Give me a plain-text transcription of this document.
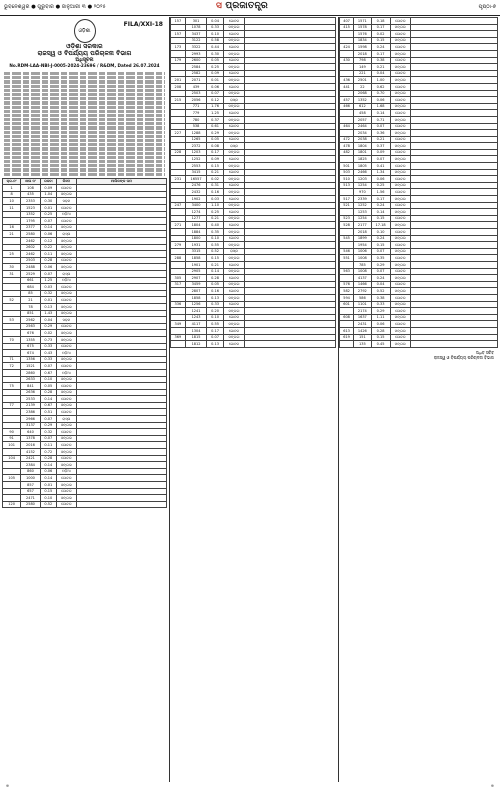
ଭୁବନେଶ୍ୱର ● ଗୁରୁବାର ● ଜାନୁଆରୀ ୩ ● ୨୦୨୫	ସ ପ୍ରଜାତନ୍ତ୍ର	ପୃଷ୍ଠା-୭
FILA/XXI-18
ଓଡ଼ିଶା
ଓଡ଼ିଶା ସରକାର
ରାଜସ୍ୱ ଓ ବିପର୍ଯ୍ୟୟ ପରିଚାଳନା ବିଭାଗ
ଅଧିସୂଚନା
No.RDM-LAA-NBI-J-0005-2024-23696 / R&DM, Dated 26.07.2024
କ୍ର.ନଂ	ଖାତା ନଂ	ରକବା	କିସମ	ମାଲିକଙ୍କ ନାମ
1	108	0.09	ଗୋଚର	
8	435	1.04	ଜଙ୍ଗଲ	
10	2353	0.30	ସଡ଼କ	
11	1523	0.01	ଗୋଚର	
	1352	0.25	ପଡ଼ିଆ	
	1795	0.07	ଗୋଚର	
16	2377	0.14	ଜଙ୍ଗଲ	
21	2580	0.06	ରାସ୍ତା	
	2462	0.12	ଜଙ୍ଗଲ	
	2602	0.22	ଜଙ୍ଗଲ	
25	2462	0.11	ଜଙ୍ଗଲ	
	2503	0.28	ଗୋଚର	
30	2488	0.06	ଜଙ୍ଗଲ	
31	2529	0.07	ରାସ୍ତା	
	661	1.25	ପଡ଼ିଆ	
	684	0.03	ଗୋଚର	
	85	0.32	ଜଙ୍ଗଲ	
52	21	0.01	ଗୋଚର	
	78	0.13	ଜଙ୍ଗଲ	
	851	1.43	ଜଙ୍ଗଲ	
53	2562	0.04	ସଡ଼କ	
	2563	0.29	ଗୋଚର	
	676	0.02	ଜଙ୍ଗଲ	
70	1355	0.73	ଜଙ୍ଗଲ	
	675	0.33	ଗୋଚର	
	674	0.43	ପଡ଼ିଆ	
71	1356	0.33	ଜଙ୍ଗଲ	
72	1521	0.07	ଗୋଚର	
	2860	0.67	ପଡ଼ିଆ	
	2633	0.10	ଜଙ୍ଗଲ	
75	841	0.05	ଗୋଚର	
	2636	0.28	ଜଙ୍ଗଲ	
	2533	0.14	ଗୋଚର	
77	2139	0.67	ଜଙ୍ଗଲ	
	2386	0.51	ଗୋଚର	
	2966	0.07	ରାସ୍ତା	
	3137	0.29	ଜଙ୍ଗଲ	
90	640	0.32	ଗୋଚର	
91	1378	0.07	ଜଙ୍ଗଲ	
101	2016	0.11	ଗୋଚର	
	4152	0.72	ଜଙ୍ଗଲ	
104	2421	0.28	ଗୋଚର	
	2384	0.14	ଜଙ୍ଗଲ	
	860	0.06	ପଡ଼ିଆ	
105	1000	0.14	ଗୋଚର	
	857	0.01	ଜଙ୍ଗଲ	
	657	0.15	ଗୋଚର	
	2471	0.10	ଜଙ୍ଗଲ	
120	2580	0.52	ଗୋଚର	
157	301	0.04	ଗୋଚର	
	1078	0.33	ଜଙ୍ଗଲ	
157	3437	0.10	ଗୋଚର	
	3122	0.58	ଜଙ୍ଗଲ	
173	3322	0.44	ଗୋଚର	
	2993	0.30	ଜଙ୍ଗଲ	
179	2600	0.05	ଗୋଚର	
	2584	0.25	ଜଙ୍ଗଲ	
	2582	0.09	ଗୋଚର	
201	2071	0.01	ଜଙ୍ଗଲ	
208	439	0.06	ଗୋଚର	
	2503	0.07	ଜଙ୍ଗଲ	
215	2056	0.12	ରାସ୍ତା	
	771	1.76	ଜଙ୍ଗଲ	
	779	1.25	ଗୋଚର	
	780	0.37	ଜଙ୍ଗଲ	
	538	0.61	ଗୋଚର	
227	1288	0.29	ଜଙ୍ଗଲ	
	1265	0.05	ଗୋଚର	
	2372	0.08	ରାସ୍ତା	
228	1203	0.17	ଜଙ୍ଗଲ	
	1252	0.09	ଗୋଚର	
	2553	0.15	ଜଙ୍ଗଲ	
	3415	0.21	ଗୋଚର	
231	16557	0.02	ଜଙ୍ଗଲ	
	2476	0.31	ଗୋଚର	
	2432	0.16	ଜଙ୍ଗଲ	
	1902	0.03	ଗୋଚର	
247	3400	1.10	ଜଙ୍ଗଲ	
	1274	0.25	ଗୋଚର	
	1277	0.21	ଜଙ୍ଗଲ	
271	1804	0.40	ଗୋଚର	
	1884	0.35	ଜଙ୍ଗଲ	
	1800	0.10	ଗୋଚର	
279	1931	0.55	ଜଙ୍ଗଲ	
	3315	0.52	ରାସ୍ତା	
288	1858	0.15	ଜଙ୍ଗଲ	
	1901	0.21	ଗୋଚର	
	2905	0.14	ଜଙ୍ଗଲ	
305	2907	0.28	ଗୋଚର	
317	3459	0.05	ଜଙ୍ଗଲ	
	2807	0.16	ଗୋଚର	
	1858	0.13	ଜଙ୍ଗଲ	
336	1256	0.33	ଗୋଚର	
	1241	0.20	ଜଙ୍ଗଲ	
	1243	0.10	ଗୋଚର	
349	4117	0.55	ଜଙ୍ଗଲ	
	1304	0.17	ଗୋଚର	
369	1815	0.07	ଜଙ୍ଗଲ	
	1812	0.13	ଗୋଚର	
407	1571	0.18	ଗୋଚର	
415	1578	0.17	ଜଙ୍ଗଲ	
	1576	0.02	ଗୋଚର	
	1834	0.15	ଜଙ୍ଗଲ	
424	1598	0.24	ଗୋଚର	
	2018	0.17	ଜଙ୍ଗଲ	
430	798	0.38	ଗୋଚର	
	149	0.21	ଜଙ୍ଗଲ	
	221	0.04	ଗୋଚର	
436	2501	1.00	ଜଙ୍ଗଲ	
441	22	0.62	ଗୋଚର	
	2068	0.70	ଜଙ୍ଗଲ	
457	1352	0.06	ଗୋଚର	
466	612	1.68	ଜଙ୍ଗଲ	
	458	0.14	ଗୋଚର	
	2057	0.71	ଜଙ୍ଗଲ	
464	2464	0.07	ଗୋଚର	
	2034	0.36	ଜଙ୍ଗଲ	
472	2038	0.21	ଗୋଚର	
478	1804	0.37	ଜଙ୍ଗଲ	
482	1801	0.09	ଗୋଚର	
	1825	0.07	ଜଙ୍ଗଲ	
501	1805	0.41	ଗୋଚର	
503	2466	1.34	ଜଙ୍ଗଲ	
510	1203	0.06	ଗୋଚର	
513	1254	0.25	ଜଙ୍ଗଲ	
	970	1.56	ଗୋଚର	
517	2339	0.17	ଜଙ୍ଗଲ	
521	1252	0.24	ଗୋଚର	
	1253	0.14	ଜଙ୍ଗଲ	
523	1254	0.15	ଗୋଚର	
528	2177	17.18	ଜଙ୍ଗଲ	
	2018	0.10	ଗୋଚର	
545	1899	0.24	ଜଙ୍ଗଲ	
	1954	0.15	ଗୋଚର	
546	1006	0.07	ଜଙ୍ଗଲ	
551	1008	0.35	ଗୋଚର	
	785	0.29	ଜଙ୍ଗଲ	
563	1008	0.07	ଗୋଚର	
	4137	0.24	ଜଙ୍ଗଲ	
576	1466	0.04	ଗୋଚର	
582	2792	0.52	ଜଙ୍ଗଲ	
594	586	0.38	ଗୋଚର	
601	1101	0.33	ଜଙ୍ଗଲ	
	2174	0.29	ଗୋଚର	
608	1637	1.11	ଜଙ୍ଗଲ	
	2431	0.06	ଗୋଚର	
613	1426	0.28	ଜଙ୍ଗଲ	
619	151	0.15	ଗୋଚର	
	135	0.45	ଜଙ୍ଗଲ	
ଅଧିବ ସଚିବ
ରାଜସ୍ୱ ଓ ବିପର୍ଯ୍ୟୟ ପରିଚାଳନା ବିଭାଗ
⊕	⊕
